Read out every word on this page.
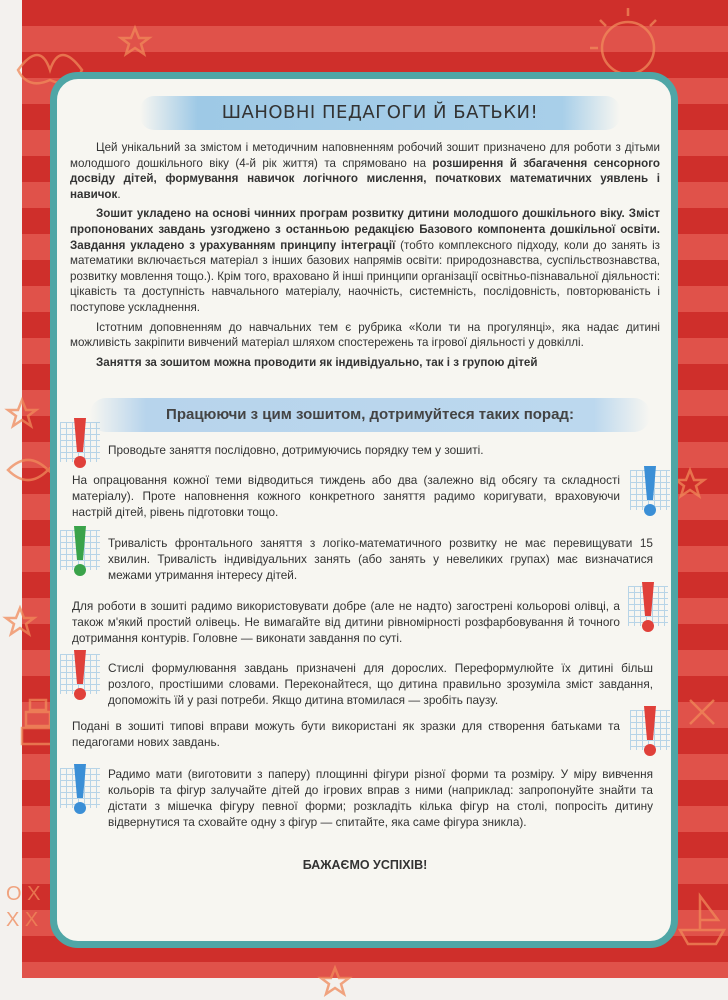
O X
X X
ШАНОВНІ ПЕДАГОГИ Й БАТЬКИ!

Цей унікальний за змістом і методичним наповненням робочий зошит призначено для роботи з дітьми молодшого дошкільного віку (4-й рік життя) та спрямовано на розширення й збагачення сенсорного досвіду дітей, формування навичок логічного мислення, початкових математичних уявлень і навичок.

Зошит укладено на основі чинних програм розвитку дитини молодшого дошкільного віку. Зміст пропонованих завдань узгоджено з останньою редакцією Базового компонента дошкільної освіти. Завдання укладено з урахуванням принципу інтеграції (тобто комплексного підходу, коли до занять із математики включається матеріал з інших базових напрямів освіти: природознавства, суспільствознавства, розвитку мовлення тощо.). Крім того, враховано й інші принципи організації освітньо-пізнавальної діяльності: цікавість та доступність навчального матеріалу, наочність, системність, послідовність, повторюваність і поступове ускладнення.

Істотним доповненням до навчальних тем є рубрика «Коли ти на прогулянці», яка надає дитині можливість закріпити вивчений матеріал шляхом спостережень та ігрової діяльності у довкіллі.

Заняття за зошитом можна проводити як індивідуально, так і з групою дітей

Працюючи з цим зошитом, дотримуйтеся таких порад:
Проводьте заняття послідовно, дотримуючись порядку тем у зошиті.
На опрацювання кожної теми відводиться тиждень або два (залежно від обсягу та складності матеріалу). Проте наповнення кожного конкретного заняття радимо коригувати, враховуючи настрій дітей, рівень підготовки тощо.
Тривалість фронтального заняття з логіко-математичного розвитку не має перевищувати 15 хвилин. Тривалість індивідуальних занять (або занять у невеликих групах) має визначатися межами утримання інтересу дітей.
Для роботи в зошиті радимо використовувати добре (але не надто) загострені кольорові олівці, а також м'який простий олівець. Не вимагайте від дитини рівномірності розфарбовування й точного дотримання контурів. Головне — виконати завдання по суті.
Стислі формулювання завдань призначені для дорослих. Переформулюйте їх дитині більш розлого, простішими словами. Переконайтеся, що дитина правильно зрозуміла зміст завдання, допоможіть їй у разі потреби. Якщо дитина втомилася — зробіть паузу.
Подані в зошиті типові вправи можуть бути використані як зразки для створення батьками та педагогами нових завдань.
Радимо мати (виготовити з паперу) площинні фігури різної форми та розміру. У міру вивчення кольорів та фігур залучайте дітей до ігрових вправ з ними (наприклад: запропонуйте знайти та дістати з мішечка фігуру певної форми; розкладіть кілька фігур на столі, попросіть дитину відвернутися та сховайте одну з фігур — спитайте, яка саме фігура зникла).
БАЖАЄМО УСПІХІВ!
